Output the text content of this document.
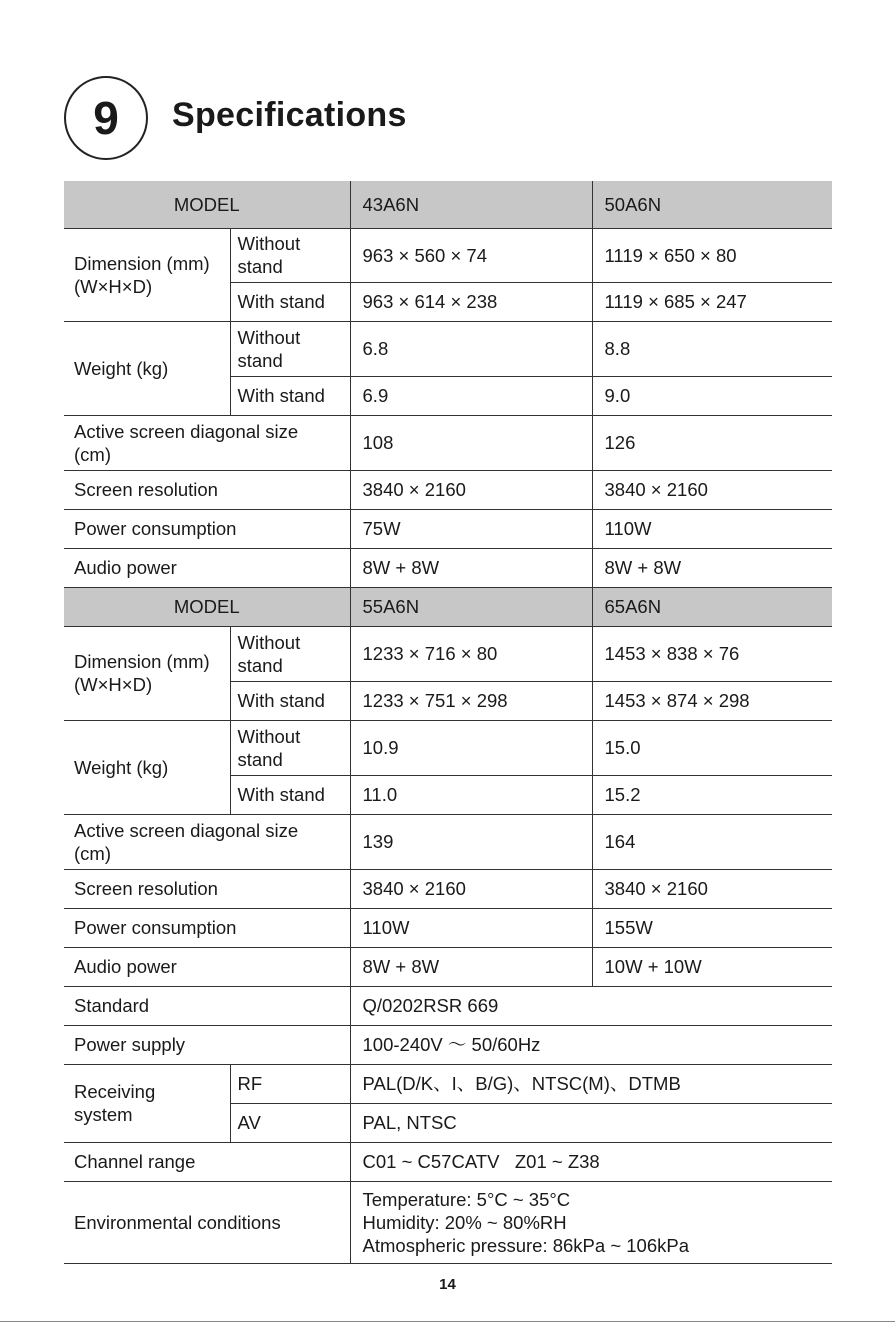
9	Specifications
MODEL		43A6N	50A6N
Dimension (mm) (W×H×D)	Without stand	963 × 560 × 74	1119 × 650 × 80
	With stand	963 × 614 × 238	1119 × 685 × 247
Weight (kg)	Without stand	6.8	8.8
	With stand	6.9	9.0
Active screen diagonal size (cm)		108	126
Screen resolution		3840 × 2160	3840 × 2160
Power consumption		75W	110W
Audio power		8W + 8W	8W + 8W
MODEL		55A6N	65A6N
Dimension (mm) (W×H×D)	Without stand	1233 × 716 × 80	1453 × 838 × 76
	With stand	1233 × 751 × 298	1453 × 874 × 298
Weight (kg)	Without stand	10.9	15.0
	With stand	11.0	15.2
Active screen diagonal size (cm)		139	164
Screen resolution		3840 × 2160	3840 × 2160
Power consumption		110W	155W
Audio power		8W + 8W	10W + 10W
Standard		Q/0202RSR 669	
Power supply		100-240V ～ 50/60Hz	
Receiving system	RF	PAL(D/K、I、B/G)、NTSC(M)、DTMB	
	AV	PAL, NTSC	
Channel range		C01 ~ C57CATV   Z01 ~ Z38	
Environmental conditions		Temperature: 5°C ~ 35°C
Humidity: 20% ~ 80%RH
Atmospheric pressure: 86kPa ~ 106kPa	
14
